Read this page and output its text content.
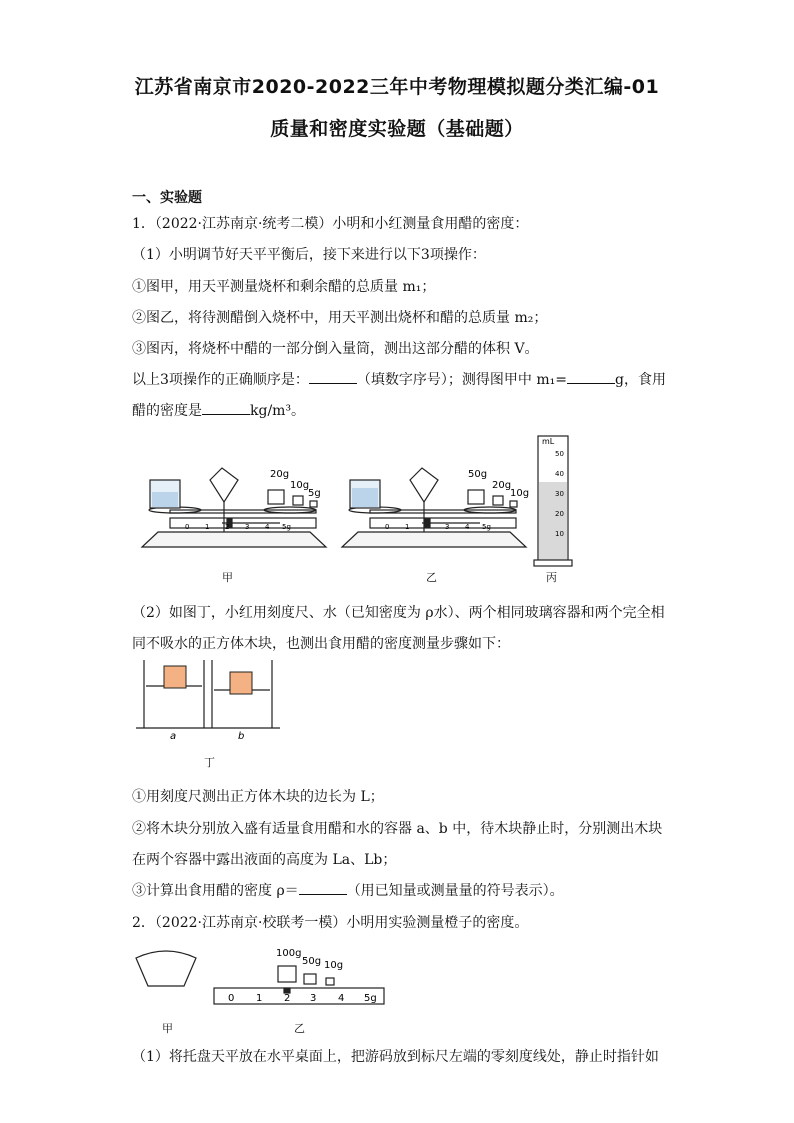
江苏省南京市2020-2022三年中考物理模拟题分类汇编-01
质量和密度实验题（基础题）
一、实验题
1．（2022·江苏南京·统考二模）小明和小红测量食用醋的密度：
（1）小明调节好天平平衡后，接下来进行以下3项操作：
①图甲，用天平测量烧杯和剩余醋的总质量 m₁；
②图乙，将待测醋倒入烧杯中，用天平测出烧杯和醋的总质量 m₂；
③图丙，将烧杯中醋的一部分倒入量筒，测出这部分醋的体积 V。
以上3项操作的正确顺序是：	（填数字序号）；测得图甲中 m₁=	g，食用
醋的密度是	kg/m³。
20g
10g
5g
0 1 2 3 4 5g
50g
20g
10g
0 1	3 4 5g
mL
50
40
30
20
10
甲	乙	丙
（2）如图丁，小红用刻度尺、水（已知密度为 ρ水）、两个相同玻璃容器和两个完全相
同不吸水的正方体木块，也测出食用醋的密度测量步骤如下：
a	b
丁
①用刻度尺测出正方体木块的边长为 L；
②将木块分别放入盛有适量食用醋和水的容器 a、b 中，待木块静止时，分别测出木块
在两个容器中露出液面的高度为 La、Lb；
③计算出食用醋的密度 ρ＝	（用已知量或测量量的符号表示）。
2．（2022·江苏南京·校联考一模）小明用实验测量橙子的密度。
100g
50g 10g
0 1 2 3 4 5g
甲	乙
（1）将托盘天平放在水平桌面上，把游码放到标尺左端的零刻度线处，静止时指针如
